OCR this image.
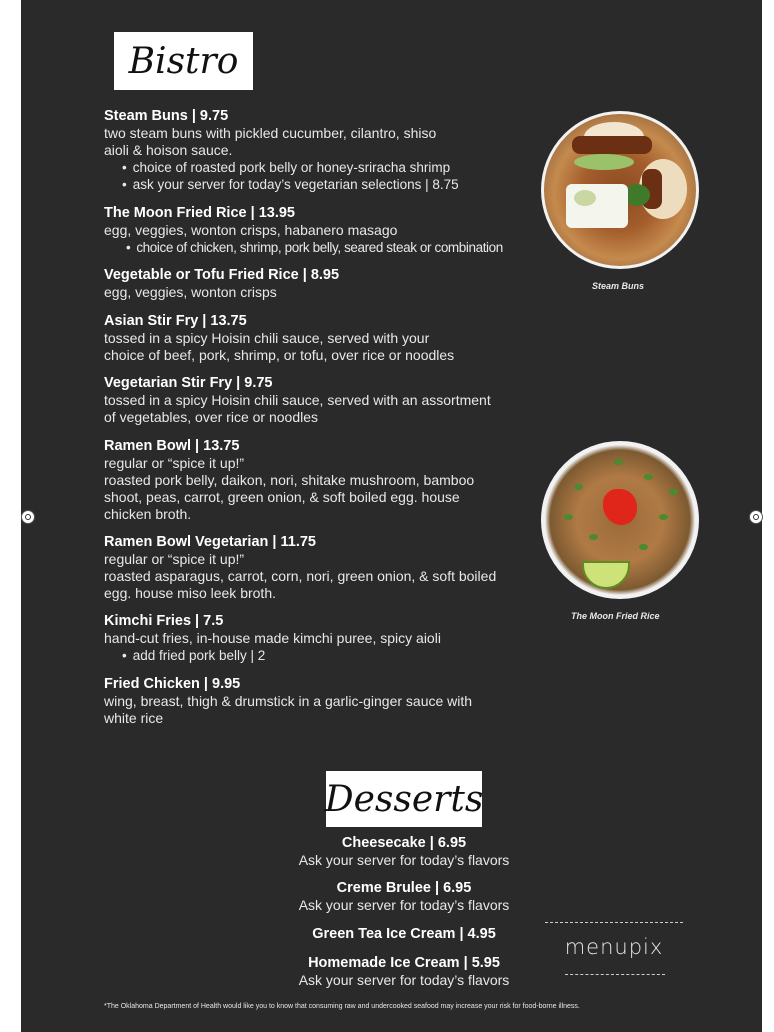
Bistro
Steam Buns | 9.75
two steam buns with pickled cucumber, cilantro, shiso
aioli & hoison sauce.
• choice of roasted pork belly or honey-sriracha shrimp
• ask your server for today’s vegetarian selections | 8.75
The Moon Fried Rice | 13.95
egg, veggies, wonton crisps, habanero masago
• choice of chicken, shrimp, pork belly, seared steak or combination
Vegetable or Tofu Fried Rice | 8.95
egg, veggies, wonton crisps
Asian Stir Fry | 13.75
tossed in a spicy Hoisin chili sauce, served with your
choice of beef, pork, shrimp, or tofu, over rice or noodles
Vegetarian Stir Fry | 9.75
tossed in a spicy Hoisin chili sauce, served with an assortment
of vegetables, over rice or noodles
Ramen Bowl | 13.75
regular or “spice it up!”
roasted pork belly, daikon, nori, shitake mushroom, bamboo
shoot, peas, carrot, green onion, & soft boiled egg. house
chicken broth.
Ramen Bowl Vegetarian | 11.75
regular or “spice it up!”
roasted asparagus, carrot, corn, nori, green onion, & soft boiled
egg. house miso leek broth.
Kimchi Fries | 7.5
hand-cut fries, in-house made kimchi puree, spicy aioli
• add fried pork belly | 2
Fried Chicken | 9.95
wing, breast, thigh & drumstick in a garlic-ginger sauce with
white rice
Steam Buns
The Moon Fried Rice
Desserts
Cheesecake | 6.95
Ask your server for today’s flavors
Creme Brulee | 6.95
Ask your server for today’s flavors
Green Tea Ice Cream | 4.95
Homemade Ice Cream | 5.95
Ask your server for today’s flavors
menupix
*The Oklahoma Department of Health would like you to know that consuming raw and undercooked seafood may increase your risk for food-borne illness.
